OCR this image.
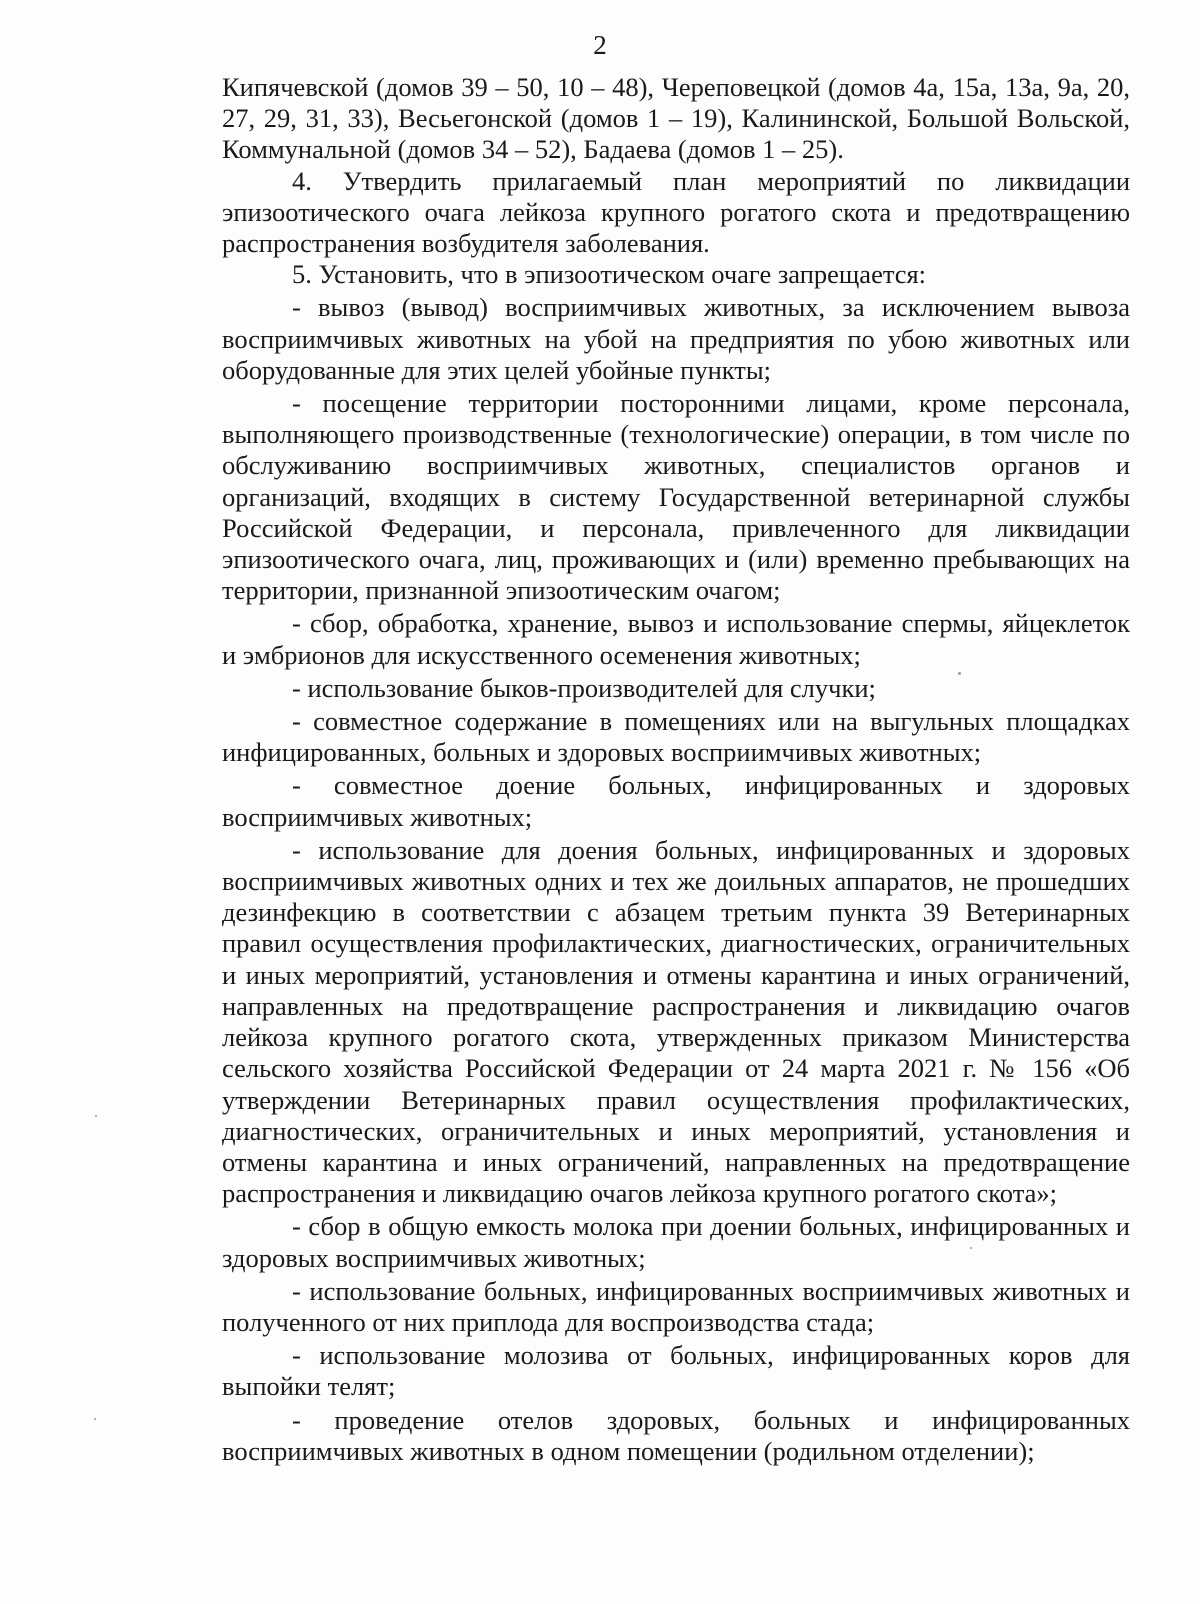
2

Кипячевской (домов 39 – 50, 10 – 48), Череповецкой (домов 4а, 15а, 13а, 9а, 20, 27, 29, 31, 33), Весьегонской (домов 1 – 19), Калининской, Большой Вольской, Коммунальной (домов 34 – 52), Бадаева (домов 1 – 25).

4. Утвердить прилагаемый план мероприятий по ликвидации эпизоотического очага лейкоза крупного рогатого скота и предотвращению распространения возбудителя заболевания.

5. Установить, что в эпизоотическом очаге запрещается:

- вывоз (вывод) восприимчивых животных, за исключением вывоза восприимчивых животных на убой на предприятия по убою животных или оборудованные для этих целей убойные пункты;

- посещение территории посторонними лицами, кроме персонала, выполняющего производственные (технологические) операции, в том числе по обслуживанию восприимчивых животных, специалистов органов и организаций, входящих в систему Государственной ветеринарной службы Российской Федерации, и персонала, привлеченного для ликвидации эпизоотического очага, лиц, проживающих и (или) временно пребывающих на территории, признанной эпизоотическим очагом;

- сбор, обработка, хранение, вывоз и использование спермы, яйцеклеток и эмбрионов для искусственного осеменения животных;

- использование быков-производителей для случки;

- совместное содержание в помещениях или на выгульных площадках инфицированных, больных и здоровых восприимчивых животных;

- совместное доение больных, инфицированных и здоровых восприимчивых животных;

- использование для доения больных, инфицированных и здоровых восприимчивых животных одних и тех же доильных аппаратов, не прошедших дезинфекцию в соответствии с абзацем третьим пункта 39 Ветеринарных правил осуществления профилактических, диагностических, ограничительных и иных мероприятий, установления и отмены карантина и иных ограничений, направленных на предотвращение распространения и ликвидацию очагов лейкоза крупного рогатого скота, утвержденных приказом Министерства сельского хозяйства Российской Федерации от 24 марта 2021 г. № 156 «Об утверждении Ветеринарных правил осуществления профилактических, диагностических, ограничительных и иных мероприятий, установления и отмены карантина и иных ограничений, направленных на предотвращение распространения и ликвидацию очагов лейкоза крупного рогатого скота»;

- сбор в общую емкость молока при доении больных, инфицированных и здоровых восприимчивых животных;

- использование больных, инфицированных восприимчивых животных и полученного от них приплода для воспроизводства стада;

- использование молозива от больных, инфицированных коров для выпойки телят;

- проведение отелов здоровых, больных и инфицированных восприимчивых животных в одном помещении (родильном отделении);
